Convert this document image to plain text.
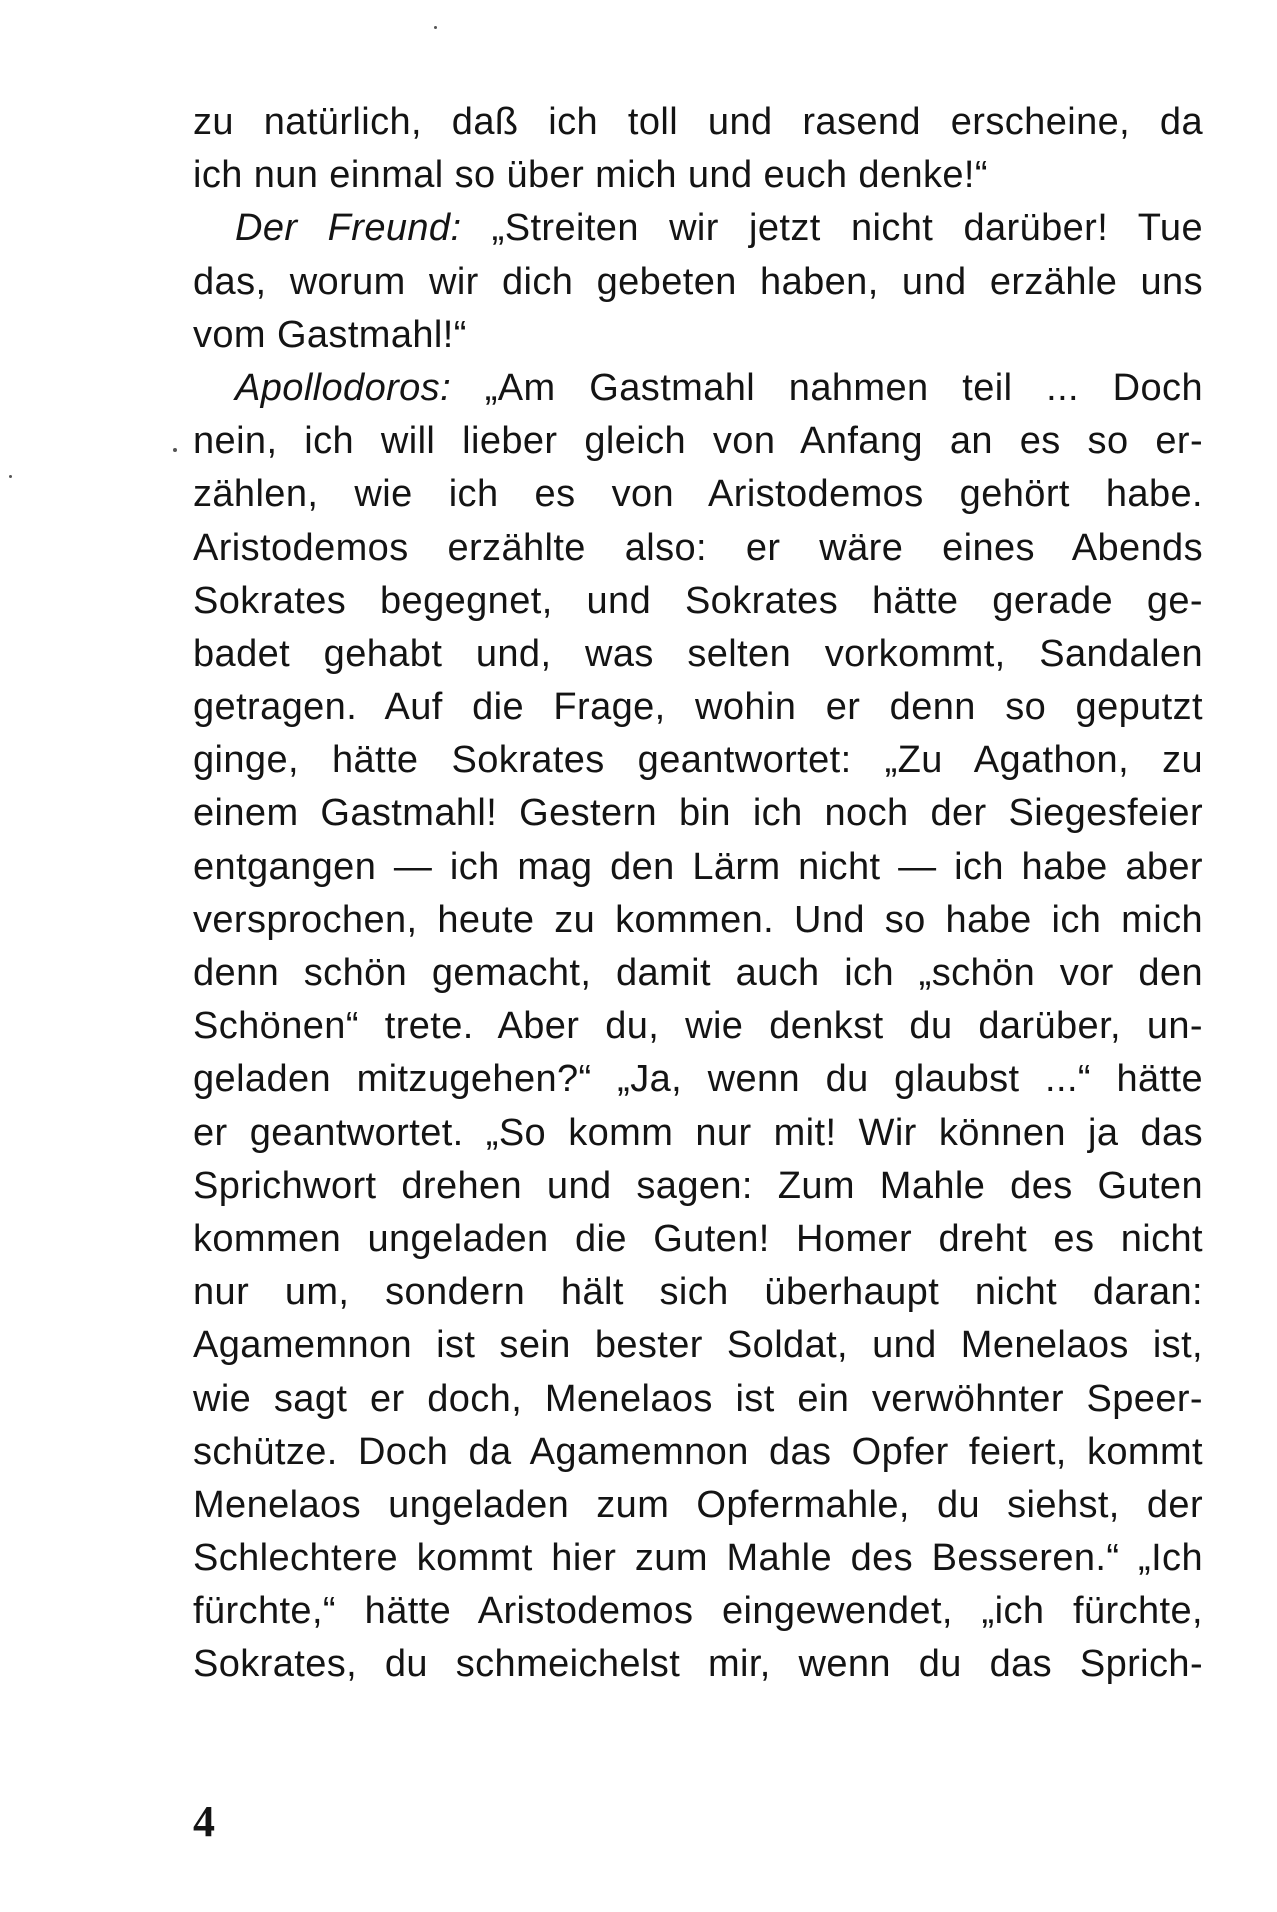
zu natürlich, daß ich toll und rasend erscheine, da
ich nun einmal so über mich und euch denke!“
Der Freund: „Streiten wir jetzt nicht darüber! Tue
das, worum wir dich gebeten haben, und erzähle uns
vom Gastmahl!“
Apollodoros: „Am Gastmahl nahmen teil ... Doch
nein, ich will lieber gleich von Anfang an es so er-
zählen, wie ich es von Aristodemos gehört habe.
Aristodemos erzählte also: er wäre eines Abends
Sokrates begegnet, und Sokrates hätte gerade ge-
badet gehabt und, was selten vorkommt, Sandalen
getragen. Auf die Frage, wohin er denn so geputzt
ginge, hätte Sokrates geantwortet: „Zu Agathon, zu
einem Gastmahl! Gestern bin ich noch der Siegesfeier
entgangen — ich mag den Lärm nicht — ich habe aber
versprochen, heute zu kommen. Und so habe ich mich
denn schön gemacht, damit auch ich „schön vor den
Schönen“ trete. Aber du, wie denkst du darüber, un-
geladen mitzugehen?“ „Ja, wenn du glaubst ...“ hätte
er geantwortet. „So komm nur mit! Wir können ja das
Sprichwort drehen und sagen: Zum Mahle des Guten
kommen ungeladen die Guten! Homer dreht es nicht
nur um, sondern hält sich überhaupt nicht daran:
Agamemnon ist sein bester Soldat, und Menelaos ist,
wie sagt er doch, Menelaos ist ein verwöhnter Speer-
schütze. Doch da Agamemnon das Opfer feiert, kommt
Menelaos ungeladen zum Opfermahle, du siehst, der
Schlechtere kommt hier zum Mahle des Besseren.“ „Ich
fürchte,“ hätte Aristodemos eingewendet, „ich fürchte,
Sokrates, du schmeichelst mir, wenn du das Sprich-
4
